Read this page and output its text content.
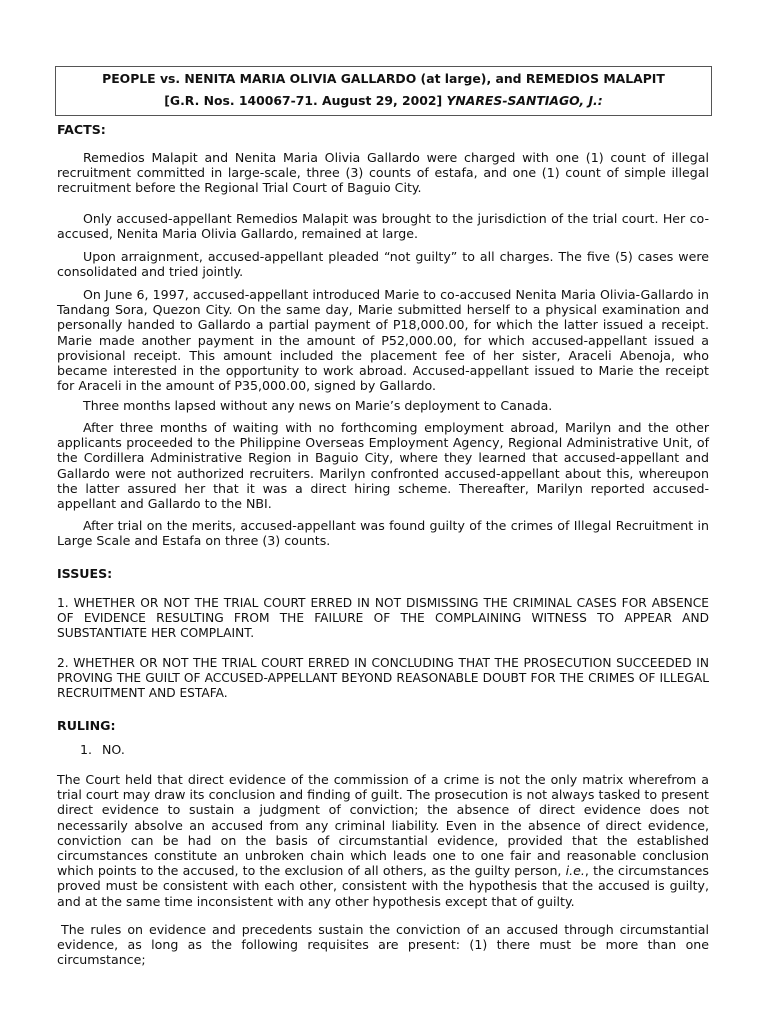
PEOPLE vs. NENITA MARIA OLIVIA GALLARDO (at large), and REMEDIOS MALAPIT
[G.R. Nos. 140067-71. August 29, 2002] YNARES-SANTIAGO, J.:
FACTS:

Remedios Malapit and Nenita Maria Olivia Gallardo were charged with one (1) count of illegal recruitment committed in large-scale, three (3) counts of estafa, and one (1) count of simple illegal recruitment before the Regional Trial Court of Baguio City.

Only accused-appellant Remedios Malapit was brought to the jurisdiction of the trial court. Her co-accused, Nenita Maria Olivia Gallardo, remained at large.

Upon arraignment, accused-appellant pleaded “not guilty” to all charges. The five (5) cases were consolidated and tried jointly.

On June 6, 1997, accused-appellant introduced Marie to co-accused Nenita Maria Olivia-Gallardo in Tandang Sora, Quezon City. On the same day, Marie submitted herself to a physical examination and personally handed to Gallardo a partial payment of P18,000.00, for which the latter issued a receipt. Marie made another payment in the amount of P52,000.00, for which accused-appellant issued a provisional receipt. This amount included the placement fee of her sister, Araceli Abenoja, who became interested in the opportunity to work abroad. Accused-appellant issued to Marie the receipt for Araceli in the amount of P35,000.00, signed by Gallardo.

Three months lapsed without any news on Marie’s deployment to Canada.

After three months of waiting with no forthcoming employment abroad, Marilyn and the other applicants proceeded to the Philippine Overseas Employment Agency, Regional Administrative Unit, of the Cordillera Administrative Region in Baguio City, where they learned that accused-appellant and Gallardo were not authorized recruiters. Marilyn confronted accused-appellant about this, whereupon the latter assured her that it was a direct hiring scheme. Thereafter, Marilyn reported accused-appellant and Gallardo to the NBI.

After trial on the merits, accused-appellant was found guilty of the crimes of Illegal Recruitment in Large Scale and Estafa on three (3) counts.

ISSUES:

1. WHETHER OR NOT THE TRIAL COURT ERRED IN NOT DISMISSING THE CRIMINAL CASES FOR ABSENCE OF EVIDENCE RESULTING FROM THE FAILURE OF THE COMPLAINING WITNESS TO APPEAR AND SUBSTANTIATE HER COMPLAINT.

2. WHETHER OR NOT THE TRIAL COURT ERRED IN CONCLUDING THAT THE PROSECUTION SUCCEEDED IN PROVING THE GUILT OF ACCUSED-APPELLANT BEYOND REASONABLE DOUBT FOR THE CRIMES OF ILLEGAL RECRUITMENT AND ESTAFA.

RULING:
1. NO.

The Court held that direct evidence of the commission of a crime is not the only matrix wherefrom a trial court may draw its conclusion and finding of guilt. The prosecution is not always tasked to present direct evidence to sustain a judgment of conviction; the absence of direct evidence does not necessarily absolve an accused from any criminal liability. Even in the absence of direct evidence, conviction can be had on the basis of circumstantial evidence, provided that the established circumstances constitute an unbroken chain which leads one to one fair and reasonable conclusion which points to the accused, to the exclusion of all others, as the guilty person, i.e., the circumstances proved must be consistent with each other, consistent with the hypothesis that the accused is guilty, and at the same time inconsistent with any other hypothesis except that of guilty.

The rules on evidence and precedents sustain the conviction of an accused through circumstantial evidence, as long as the following requisites are present: (1) there must be more than one circumstance;
